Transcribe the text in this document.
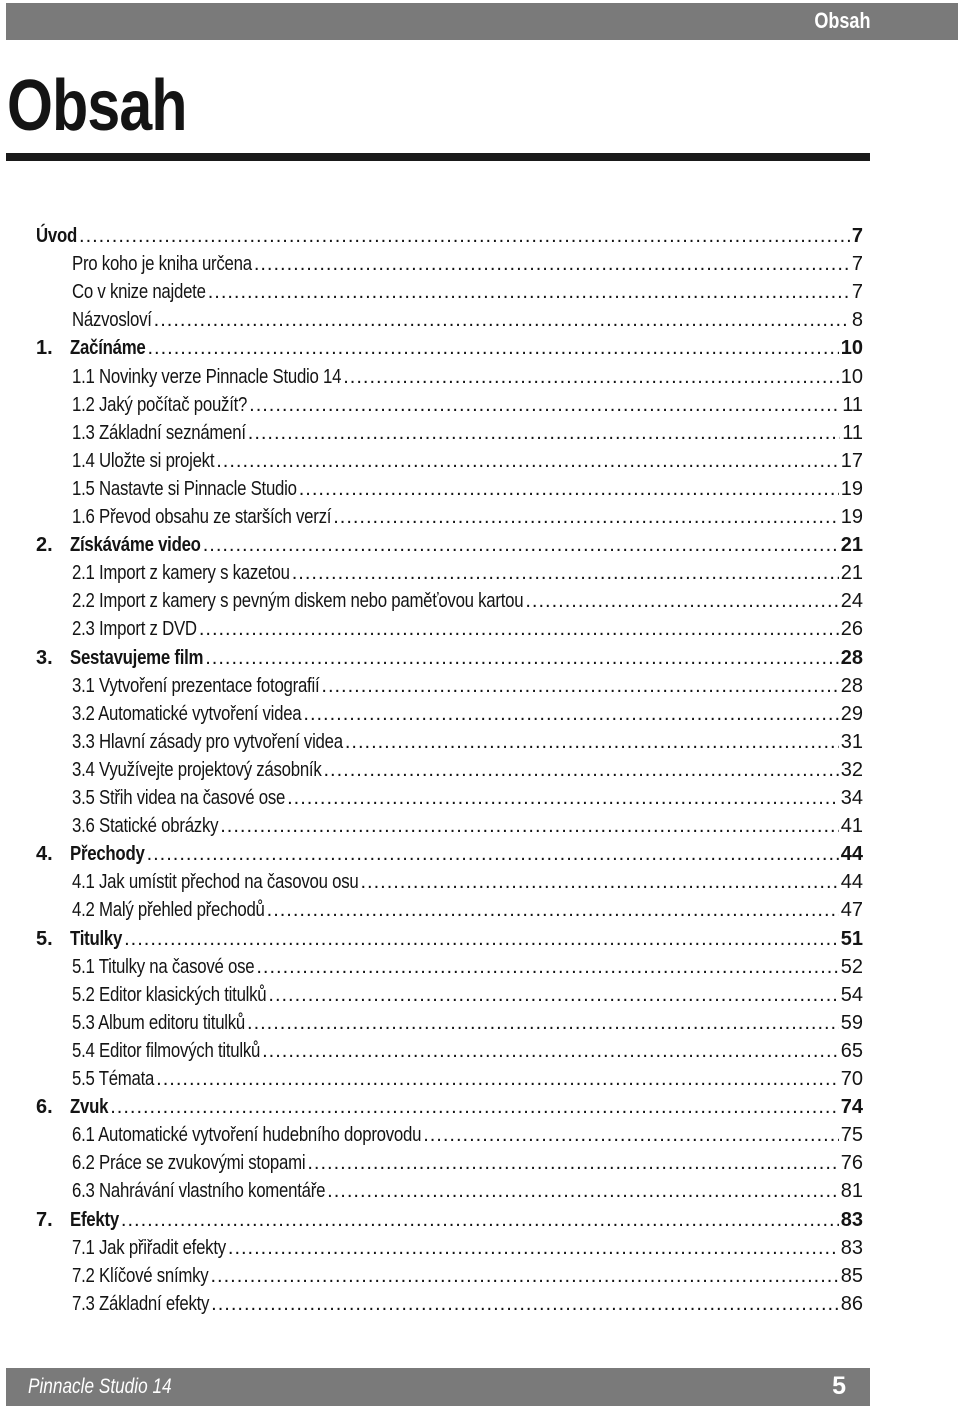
Obsah
Obsah
Úvod .....	7
Pro koho je kniha určena .....	7
Co v knize najdete .....	7
Názvosloví .....	8
1. Začínáme .....	10
1.1 Novinky verze Pinnacle Studio 14 .....	10
1.2 Jaký počítač použít? .....	11
1.3 Základní seznámení .....	11
1.4 Uložte si projekt .....	17
1.5 Nastavte si Pinnacle Studio .....	19
1.6 Převod obsahu ze starších verzí .....	19
2. Získáváme video .....	21
2.1 Import z kamery s kazetou .....	21
2.2 Import z kamery s pevným diskem nebo paměťovou kartou .....	24
2.3 Import z DVD .....	26
3. Sestavujeme film .....	28
3.1 Vytvoření prezentace fotografií .....	28
3.2 Automatické vytvoření videa .....	29
3.3 Hlavní zásady pro vytvoření videa .....	31
3.4 Využívejte projektový zásobník .....	32
3.5 Střih videa na časové ose .....	34
3.6 Statické obrázky .....	41
4. Přechody .....	44
4.1 Jak umístit přechod na časovou osu .....	44
4.2 Malý přehled přechodů .....	47
5. Titulky .....	51
5.1 Titulky na časové ose .....	52
5.2 Editor klasických titulků .....	54
5.3 Album editoru titulků .....	59
5.4 Editor filmových titulků .....	65
5.5 Témata .....	70
6. Zvuk .....	74
6.1 Automatické vytvoření hudebního doprovodu .....	75
6.2 Práce se zvukovými stopami .....	76
6.3 Nahrávání vlastního komentáře .....	81
7. Efekty .....	83
7.1 Jak přiřadit efekty .....	83
7.2 Klíčové snímky .....	85
7.3 Základní efekty .....	86
Pinnacle Studio 14	5
